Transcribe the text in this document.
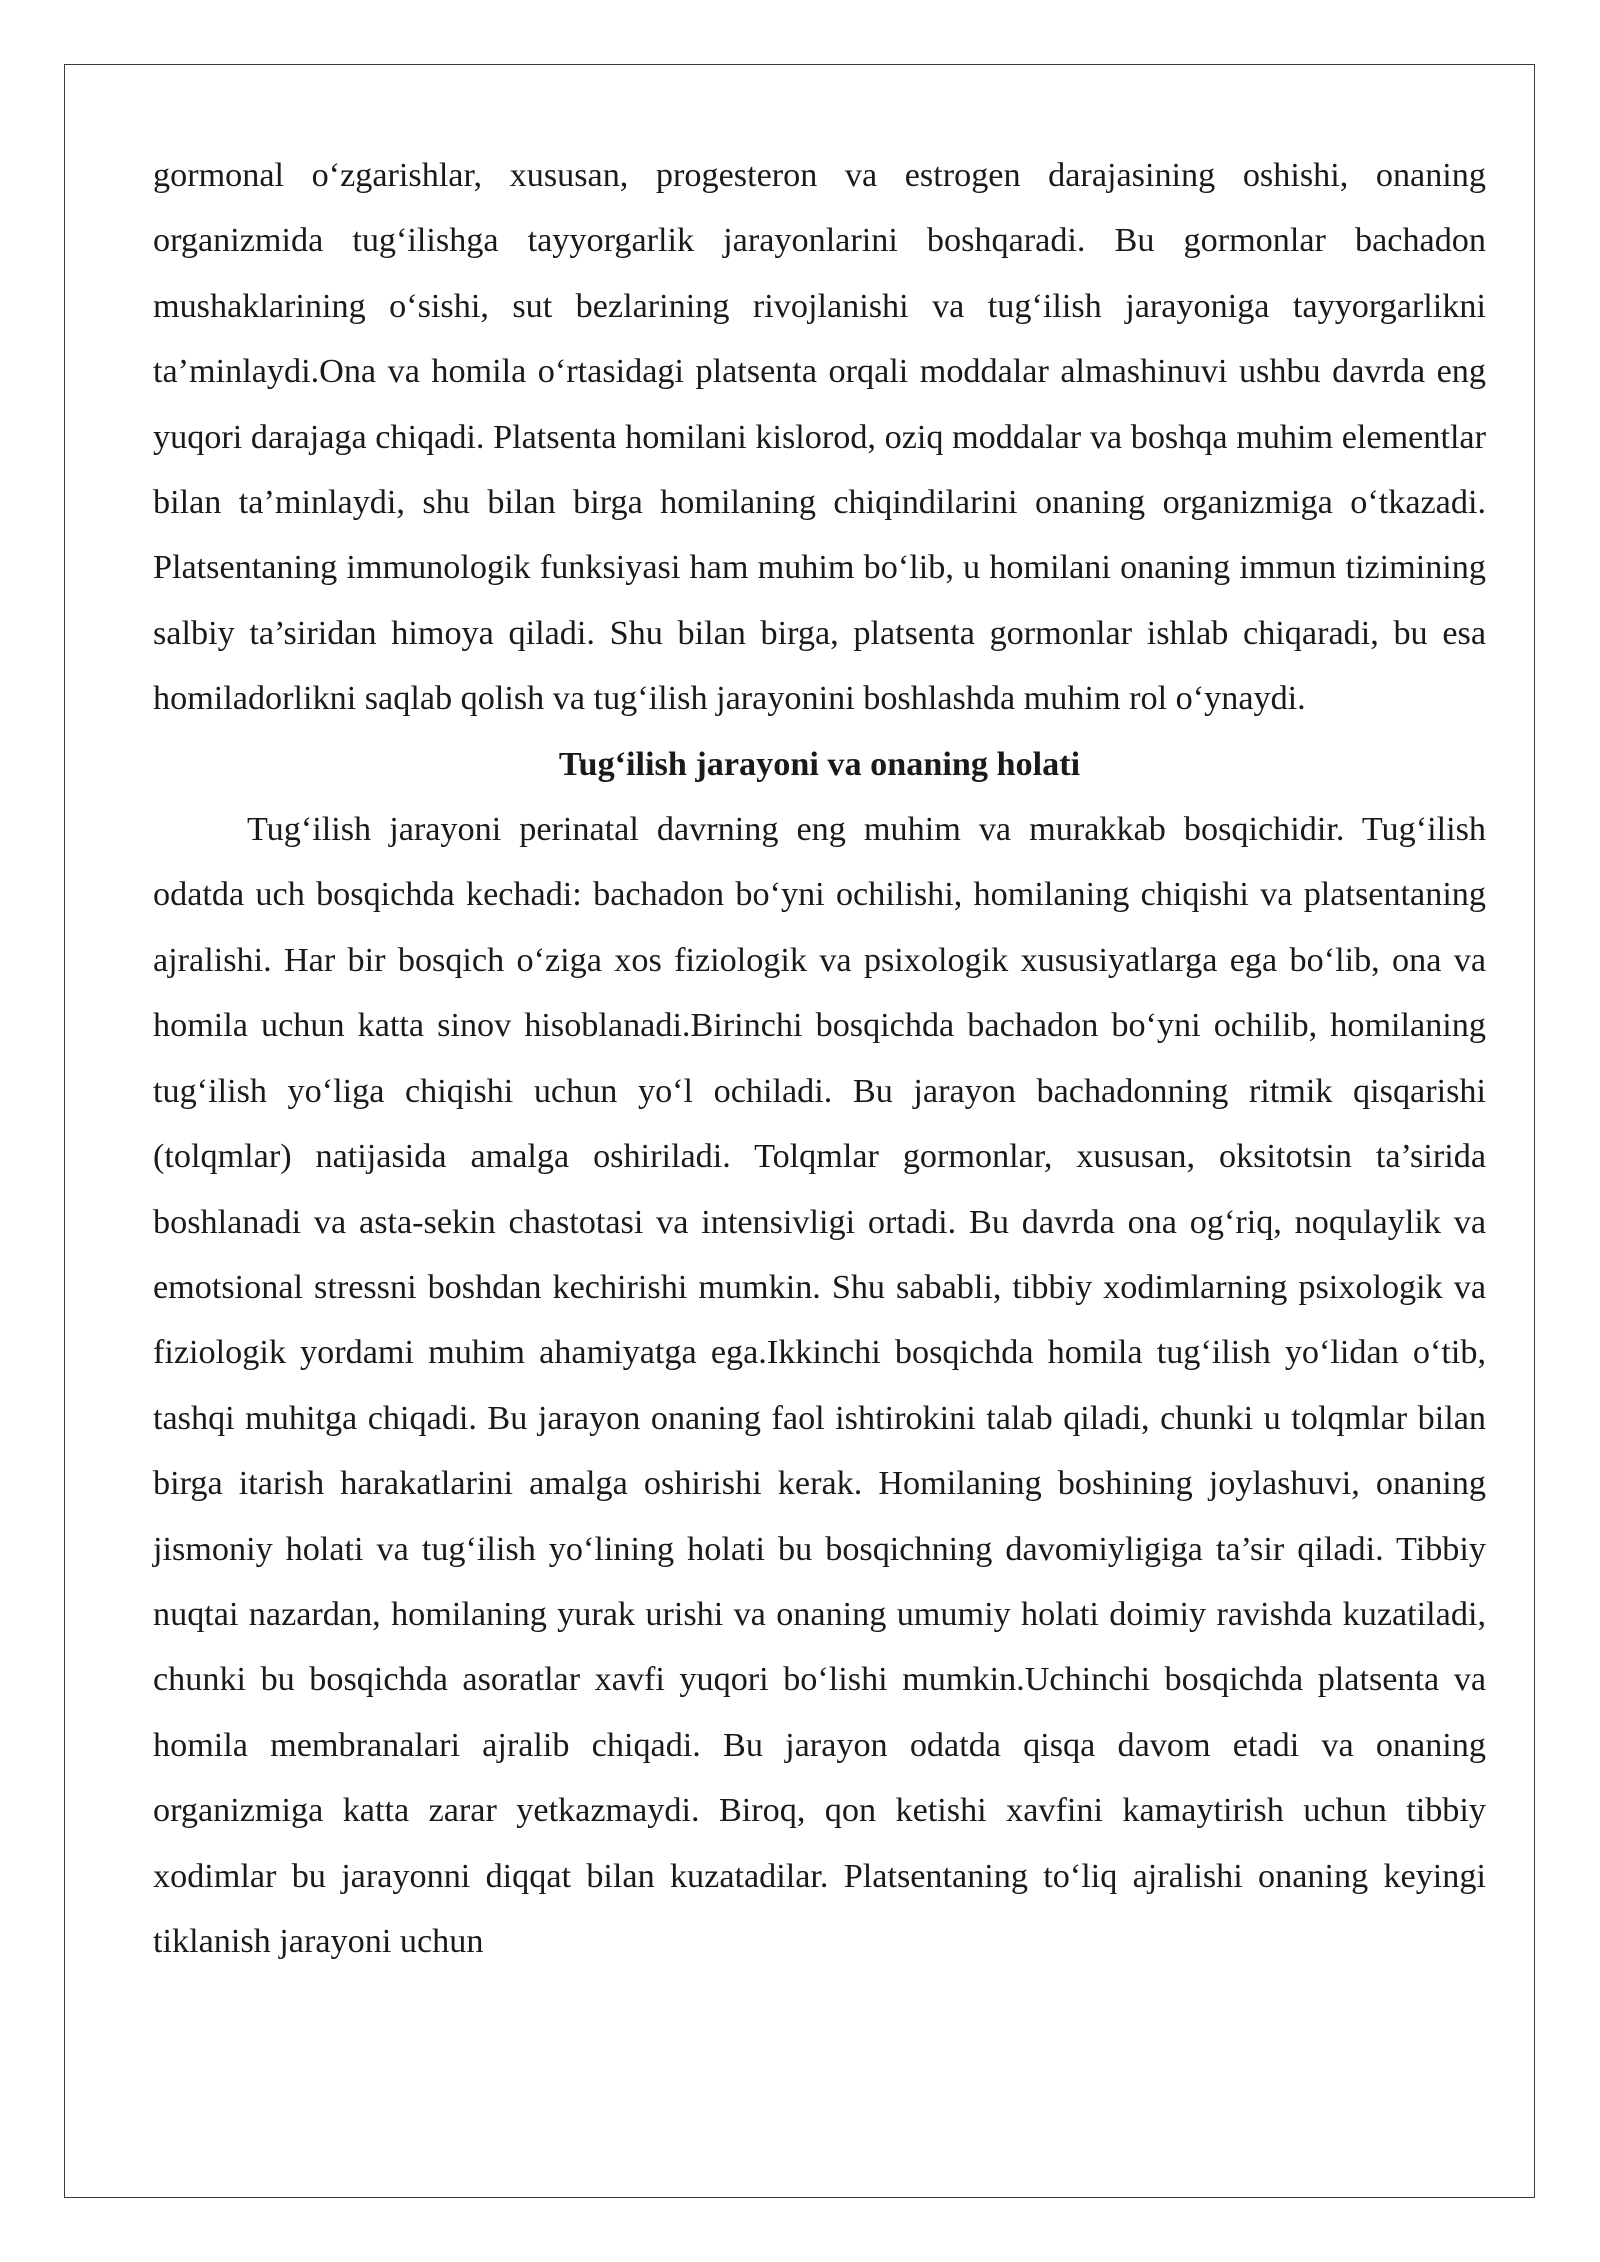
gormonal o‘zgarishlar, xususan, progesteron va estrogen darajasining oshishi, onaning organizmida tug‘ilishga tayyorgarlik jarayonlarini boshqaradi. Bu gormonlar bachadon mushaklarining o‘sishi, sut bezlarining rivojlanishi va tug‘ilish jarayoniga tayyorgarlikni ta’minlaydi.Ona va homila o‘rtasidagi platsenta orqali moddalar almashinuvi ushbu davrda eng yuqori darajaga chiqadi. Platsenta homilani kislorod, oziq moddalar va boshqa muhim elementlar bilan ta’minlaydi, shu bilan birga homilaning chiqindilarini onaning organizmiga o‘tkazadi. Platsentaning immunologik funksiyasi ham muhim bo‘lib, u homilani onaning immun tizimining salbiy ta’siridan himoya qiladi. Shu bilan birga, platsenta gormonlar ishlab chiqaradi, bu esa homiladorlikni saqlab qolish va tug‘ilish jarayonini boshlashda muhim rol o‘ynaydi.

Tug‘ilish jarayoni va onaning holati

Tug‘ilish jarayoni perinatal davrning eng muhim va murakkab bosqichidir. Tug‘ilish odatda uch bosqichda kechadi: bachadon bo‘yni ochilishi, homilaning chiqishi va platsentaning ajralishi. Har bir bosqich o‘ziga xos fiziologik va psixologik xususiyatlarga ega bo‘lib, ona va homila uchun katta sinov hisoblanadi.Birinchi bosqichda bachadon bo‘yni ochilib, homilaning tug‘ilish yo‘liga chiqishi uchun yo‘l ochiladi. Bu jarayon bachadonning ritmik qisqarishi (tolqmlar) natijasida amalga oshiriladi. Tolqmlar gormonlar, xususan, oksitotsin ta’sirida boshlanadi va asta-sekin chastotasi va intensivligi ortadi. Bu davrda ona og‘riq, noqulaylik va emotsional stressni boshdan kechirishi mumkin. Shu sababli, tibbiy xodimlarning psixologik va fiziologik yordami muhim ahamiyatga ega.Ikkinchi bosqichda homila tug‘ilish yo‘lidan o‘tib, tashqi muhitga chiqadi. Bu jarayon onaning faol ishtirokini talab qiladi, chunki u tolqmlar bilan birga itarish harakatlarini amalga oshirishi kerak. Homilaning boshining joylashuvi, onaning jismoniy holati va tug‘ilish yo‘lining holati bu bosqichning davomiyligiga ta’sir qiladi. Tibbiy nuqtai nazardan, homilaning yurak urishi va onaning umumiy holati doimiy ravishda kuzatiladi, chunki bu bosqichda asoratlar xavfi yuqori bo‘lishi mumkin.Uchinchi bosqichda platsenta va homila membranalari ajralib chiqadi. Bu jarayon odatda qisqa davom etadi va onaning organizmiga katta zarar yetkazmaydi. Biroq, qon ketishi xavfini kamaytirish uchun tibbiy xodimlar bu jarayonni diqqat bilan kuzatadilar. Platsentaning to‘liq ajralishi onaning keyingi tiklanish jarayoni uchun
